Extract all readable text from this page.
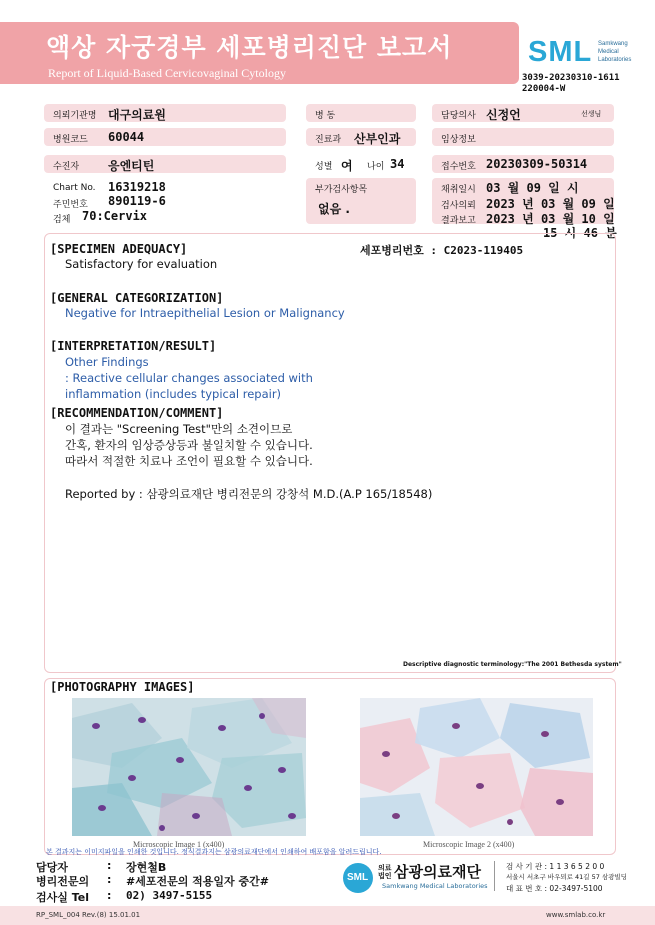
액상 자궁경부 세포병리진단 보고서
Report of Liquid-Based Cervicovaginal Cytology
SML Samkwang
Medical
Laboratories
3039-20230310-1611
220004-W
의뢰기관명 대구의료원	병 동	담당의사 신정언	선생님
병원코드 60044	진료과 산부인과	임상정보
수진자 응엔티틴	성별 여 나이 34	접수번호 20230309-50314
Chart No. 16319218
주민번호 890119-6
검체 70:Cervix
부가검사항목
없음 .
채취일시 03 월 09 일 시
검사의뢰 2023 년 03 월 09 일
결과보고 2023 년 03 월 10 일
15 시 46 분
[SPECIMEN ADEQUACY]	세포병리번호 : C2023-119405
Satisfactory for evaluation
[GENERAL CATEGORIZATION]
Negative for Intraepithelial Lesion or Malignancy
[INTERPRETATION/RESULT]
Other Findings
: Reactive cellular changes associated with
inflammation (includes typical repair)
[RECOMMENDATION/COMMENT]
이 결과는 "Screening Test"만의 소견이므로
간혹, 환자의 임상증상등과 불일치할 수 있습니다.
따라서 적절한 치료나 조언이 필요할 수 있습니다.
Reported by : 삼광의료재단 병리전문의 강창석 M.D.(A.P 165/18548)
Descriptive diagnostic terminology:"The 2001 Bethesda system"
[PHOTOGRAPHY IMAGES]
Microscopic Image 1 (x400)	Microscopic Image 2 (x400)
본 결과지는 이미지파일을 인쇄한 것입니다. 정식결과지는 삼광의료재단에서 인쇄하여 배포함을 알려드립니다.
담당자	: 장현철B
병리전문의 : #세포전문의 적용일자 중간#
검사실 Tel : 02) 3497-5155
SML
의료
법인 삼광의료재단
Samkwang Medical Laboratories
검 사 기 관 : 1 1 3 6 5 2 0 0
서울시 서초구 바우뫼로 41길 57 삼광빌딩
대 표 번 호 : 02-3497-5100
RP_SML_004 Rev.(8) 15.01.01	www.smlab.co.kr
